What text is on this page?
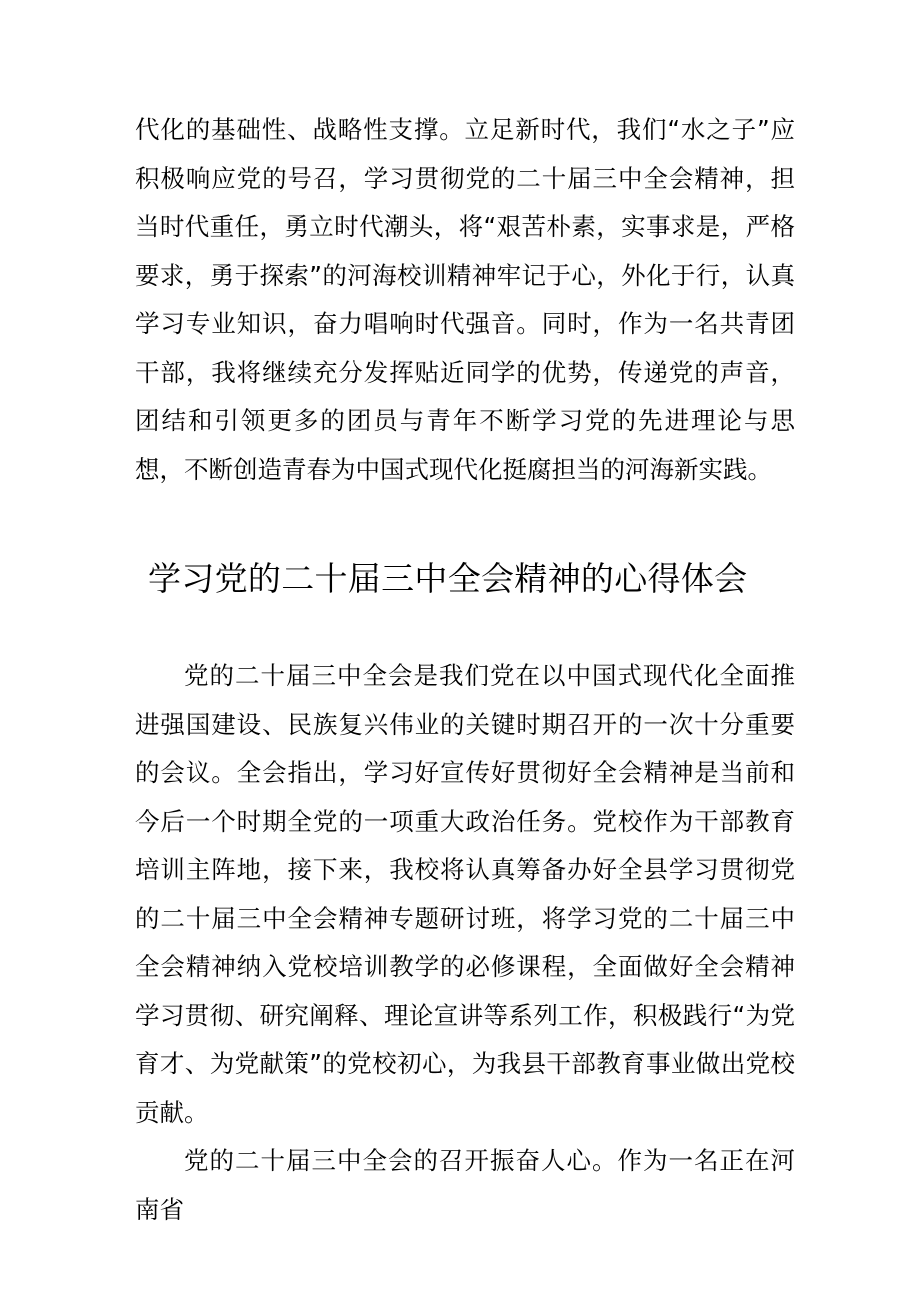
代化的基础性、战略性支撑。立足新时代，我们“水之子”应积极响应党的号召，学习贯彻党的二十届三中全会精神，担当时代重任，勇立时代潮头，将“艰苦朴素，实事求是，严格要求，勇于探索”的河海校训精神牢记于心，外化于行，认真学习专业知识，奋力唱响时代强音。同时，作为一名共青团干部，我将继续充分发挥贴近同学的优势，传递党的声音，团结和引领更多的团员与青年不断学习党的先进理论与思想，不断创造青春为中国式现代化挺腐担当的河海新实践。

学习党的二十届三中全会精神的心得体会

党的二十届三中全会是我们党在以中国式现代化全面推进强国建设、民族复兴伟业的关键时期召开的一次十分重要的会议。全会指出，学习好宣传好贯彻好全会精神是当前和今后一个时期全党的一项重大政治任务。党校作为干部教育培训主阵地，接下来，我校将认真筹备办好全县学习贯彻党的二十届三中全会精神专题研讨班，将学习党的二十届三中全会精神纳入党校培训教学的必修课程，全面做好全会精神学习贯彻、研究阐释、理论宣讲等系列工作，积极践行“为党育才、为党献策”的党校初心，为我县干部教育事业做出党校贡献。

党的二十届三中全会的召开振奋人心。作为一名正在河南省
